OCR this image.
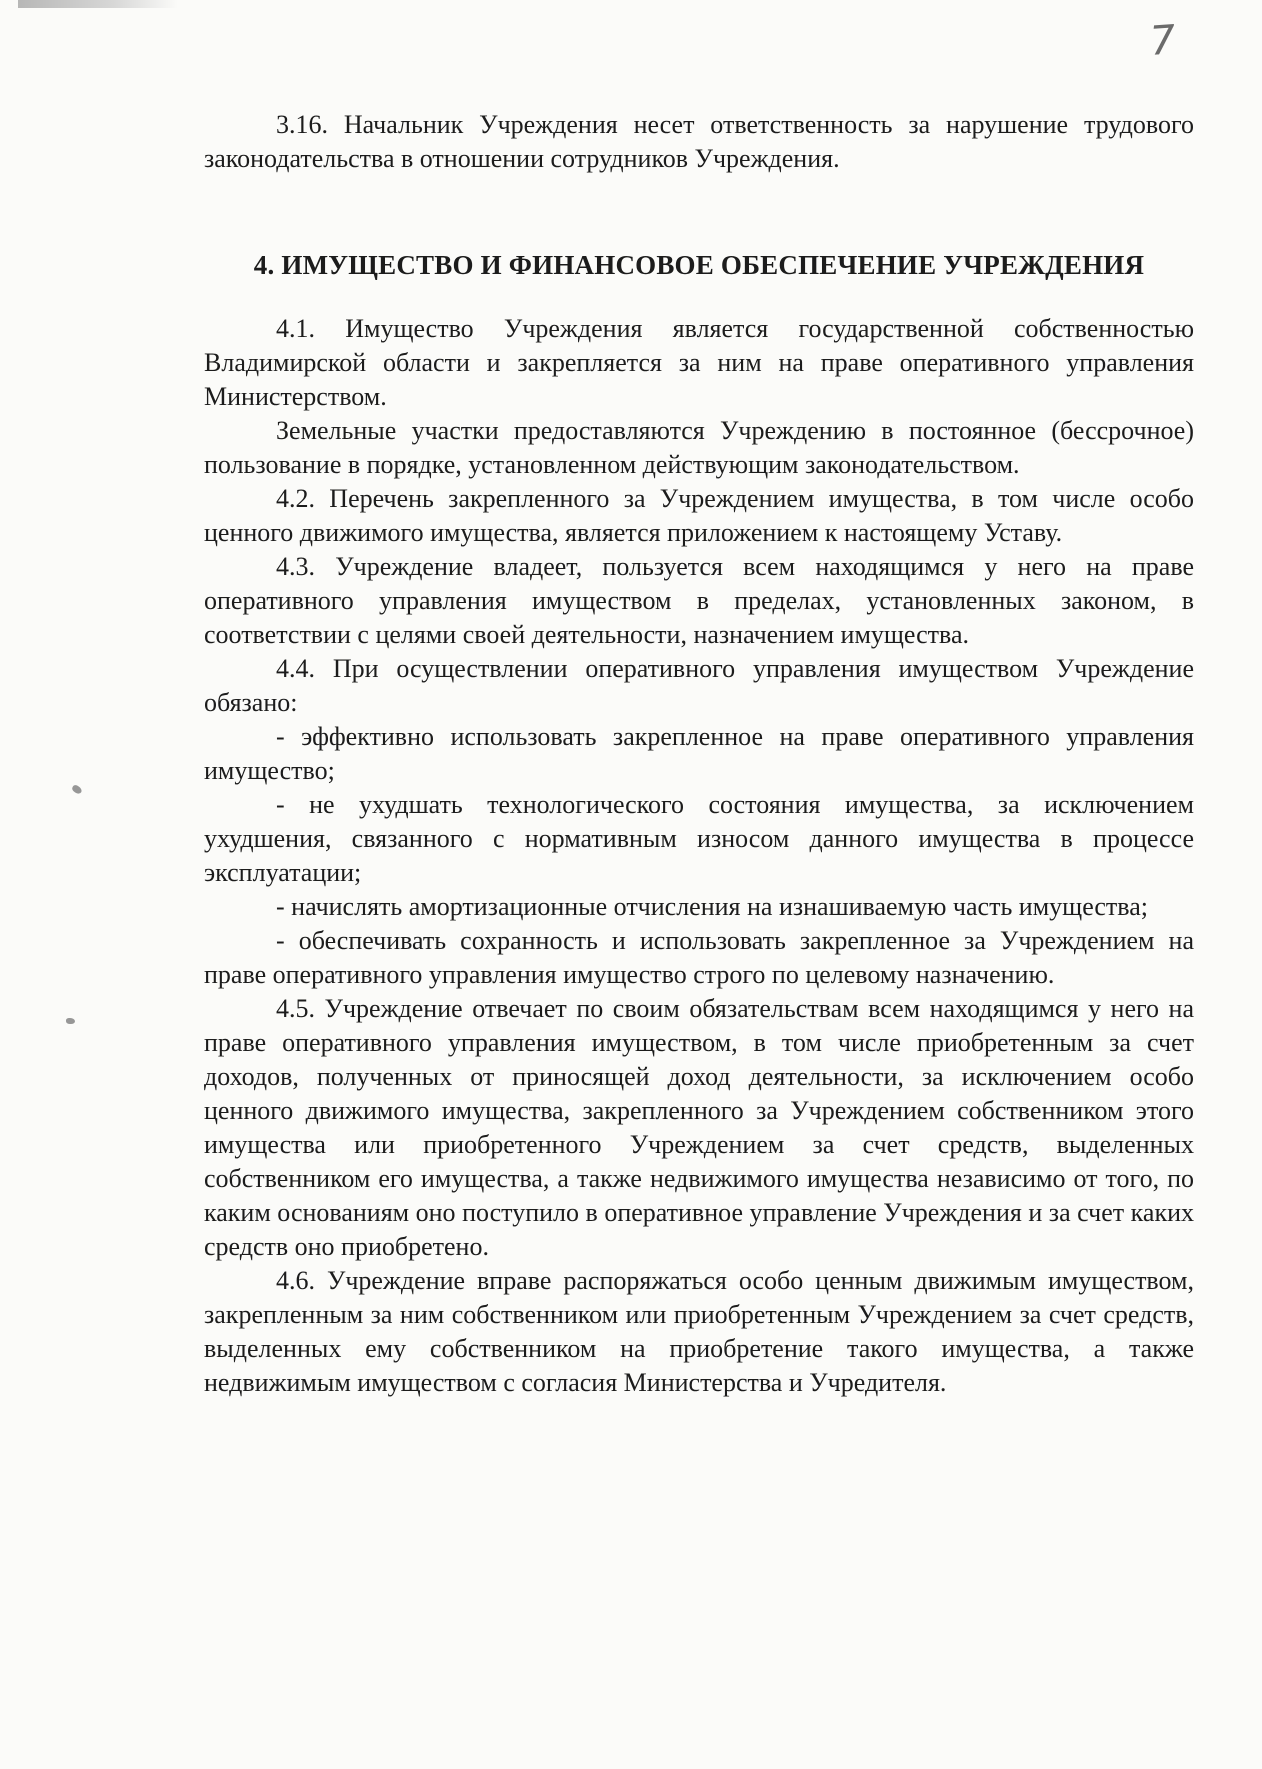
7

3.16. Начальник Учреждения несет ответственность за нарушение трудового законодательства в отношении сотрудников Учреждения.

4. ИМУЩЕСТВО И ФИНАНСОВОЕ ОБЕСПЕЧЕНИЕ УЧРЕЖДЕНИЯ

4.1. Имущество Учреждения является государственной собственностью Владимирской области и закрепляется за ним на праве оперативного управления Министерством.

Земельные участки предоставляются Учреждению в постоянное (бессрочное) пользование в порядке, установленном действующим законодательством.

4.2. Перечень закрепленного за Учреждением имущества, в том числе особо ценного движимого имущества, является приложением к настоящему Уставу.

4.3. Учреждение владеет, пользуется всем находящимся у него на праве оперативного управления имуществом в пределах, установленных законом, в соответствии с целями своей деятельности, назначением имущества.

4.4. При осуществлении оперативного управления имуществом Учреждение обязано:

- эффективно использовать закрепленное на праве оперативного управления имущество;

- не ухудшать технологического состояния имущества, за исключением ухудшения, связанного с нормативным износом данного имущества в процессе эксплуатации;

- начислять амортизационные отчисления на изнашиваемую часть имущества;

- обеспечивать сохранность и использовать закрепленное за Учреждением на праве оперативного управления имущество строго по целевому назначению.

4.5. Учреждение отвечает по своим обязательствам всем находящимся у него на праве оперативного управления имуществом, в том числе приобретенным за счет доходов, полученных от приносящей доход деятельности, за исключением особо ценного движимого имущества, закрепленного за Учреждением собственником этого имущества или приобретенного Учреждением за счет средств, выделенных собственником его имущества, а также недвижимого имущества независимо от того, по каким основаниям оно поступило в оперативное управление Учреждения и за счет каких средств оно приобретено.

4.6. Учреждение вправе распоряжаться особо ценным движимым имуществом, закрепленным за ним собственником или приобретенным Учреждением за счет средств, выделенных ему собственником на приобретение такого имущества, а также недвижимым имуществом с согласия Министерства и Учредителя.
